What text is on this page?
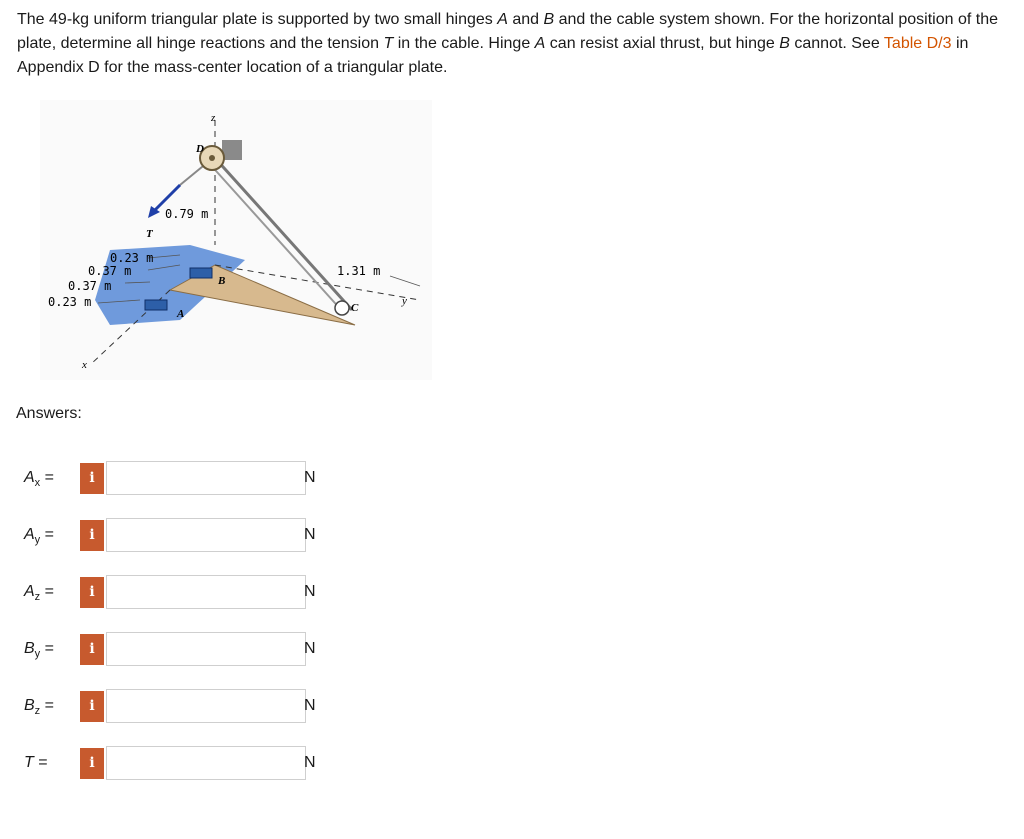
The 49-kg uniform triangular plate is supported by two small hinges A and B and the cable system shown. For the horizontal position of the plate, determine all hinge reactions and the tension T in the cable. Hinge A can resist axial thrust, but hinge B cannot. See Table D/3 in Appendix D for the mass-center location of a triangular plate.

z
x
y
D
A
B
C
T
0.79 m
0.23 m
0.37 m
0.37 m
0.23 m
1.31 m

Answers:

$A_x$ =	i	N
$A_y$ =	i	N
$A_z$ =	i	N
$B_y$ =	i	N
$B_z$ =	i	N
T =	i	N
